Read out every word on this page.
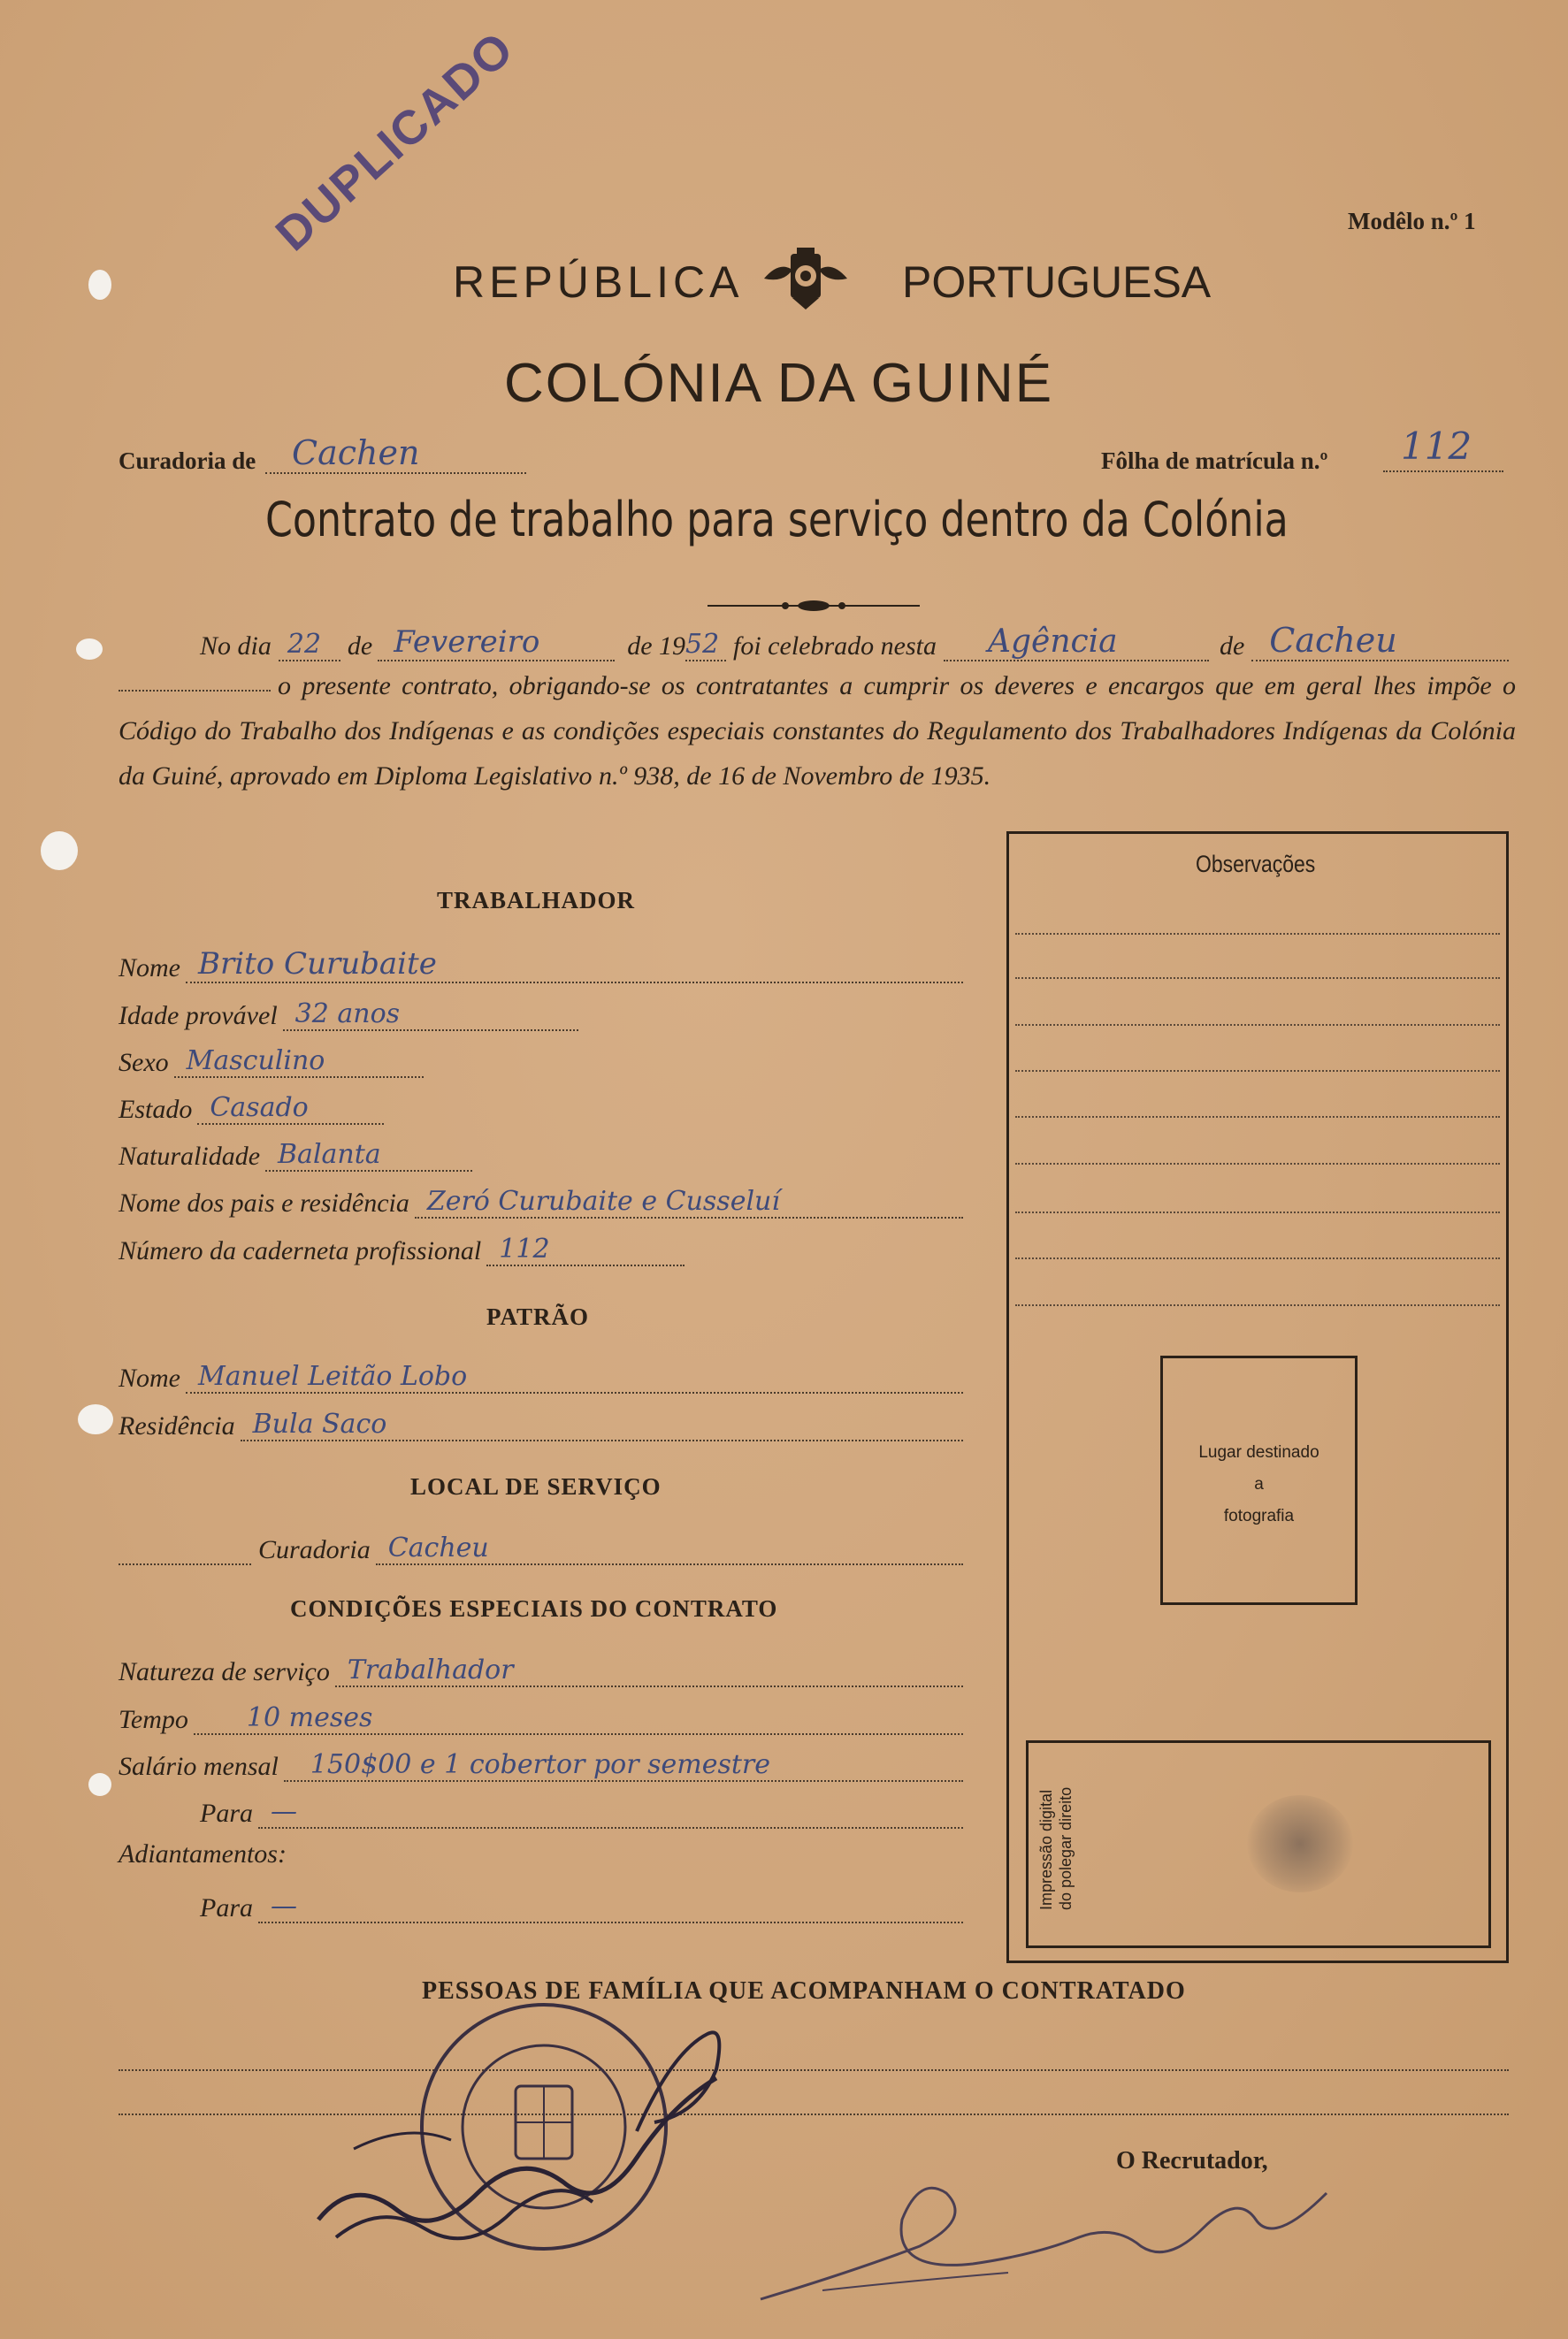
DUPLICADO	Modêlo n.º 1
REPÚBLICA	PORTUGUESA
COLÓNIA DA GUINÉ
Curadoria de	Cachen	Fôlha de matrícula n.º	112
Contrato de trabalho para serviço dentro da Colónia
No dia 22 de Fevereiro	de 19 52 foi celebrado nesta	Agência	de Cacheu
o presente contrato, obrigando-se os contratantes a cumprir os deveres e encargos que em geral lhes impõe o Código do Trabalho dos Indígenas e as condições especiais constantes do Regulamento dos Trabalhadores Indígenas da Colónia da Guiné, aprovado em Diploma Legislativo n.º 938, de 16 de Novembro de 1935.
Observações
Lugar destinado
a
fotografia
Impressão digital do polegar direito
TRABALHADOR
Nome Brito Curubaite
Idade provável 32 anos
Sexo Masculino
Estado Casado
Naturalidade Balanta
Nome dos pais e residência Zeró Curubaite e Cusseluí
Número da caderneta profissional 112
PATRÃO
Nome Manuel Leitão Lobo
Residência Bula Saco
LOCAL DE SERVIÇO
Curadoria Cacheu
CONDIÇÕES ESPECIAIS DO CONTRATO
Natureza de serviço Trabalhador
Tempo	10 meses
Salário mensal	150$00 e 1 cobertor por semestre
Para —
Adiantamentos:
Para —
PESSOAS DE FAMÍLIA QUE ACOMPANHAM O CONTRATADO
O Recrutador,
